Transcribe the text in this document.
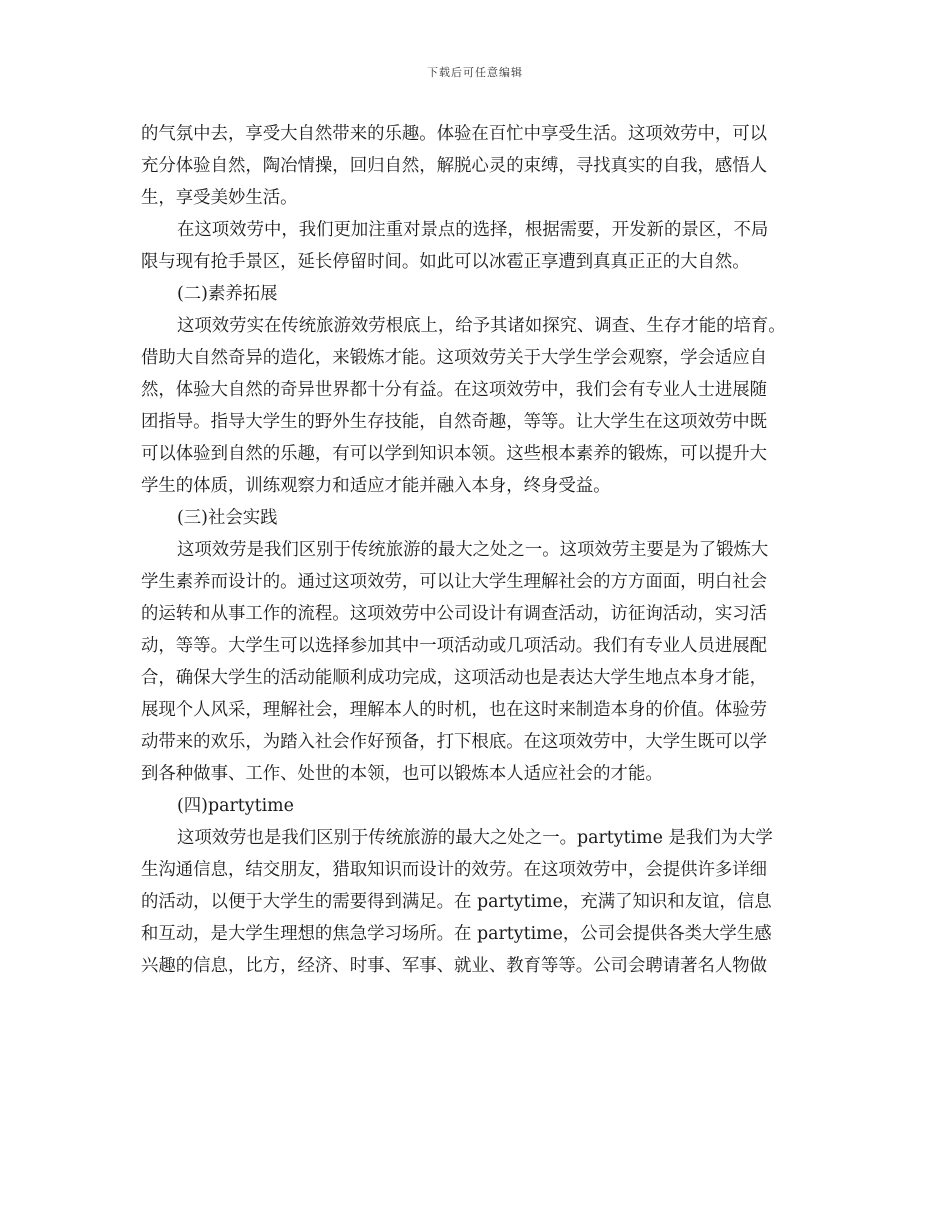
下载后可任意编辑
的气氛中去，享受大自然带来的乐趣。体验在百忙中享受生活。这项效劳中，可以
充分体验自然，陶冶情操，回归自然，解脱心灵的束缚，寻找真实的自我，感悟人
生，享受美妙生活。
在这项效劳中，我们更加注重对景点的选择，根据需要，开发新的景区，不局
限与现有抢手景区，延长停留时间。如此可以冰雹正享遭到真真正正的大自然。
(二)素养拓展
这项效劳实在传统旅游效劳根底上，给予其诸如探究、调查、生存才能的培育。
借助大自然奇异的造化，来锻炼才能。这项效劳关于大学生学会观察，学会适应自
然，体验大自然的奇异世界都十分有益。在这项效劳中，我们会有专业人士进展随
团指导。指导大学生的野外生存技能，自然奇趣，等等。让大学生在这项效劳中既
可以体验到自然的乐趣，有可以学到知识本领。这些根本素养的锻炼，可以提升大
学生的体质，训练观察力和适应才能并融入本身，终身受益。
(三)社会实践
这项效劳是我们区别于传统旅游的最大之处之一。这项效劳主要是为了锻炼大
学生素养而设计的。通过这项效劳，可以让大学生理解社会的方方面面，明白社会
的运转和从事工作的流程。这项效劳中公司设计有调查活动，访征询活动，实习活
动，等等。大学生可以选择参加其中一项活动或几项活动。我们有专业人员进展配
合，确保大学生的活动能顺利成功完成，这项活动也是表达大学生地点本身才能，
展现个人风采，理解社会，理解本人的时机，也在这时来制造本身的价值。体验劳
动带来的欢乐，为踏入社会作好预备，打下根底。在这项效劳中，大学生既可以学
到各种做事、工作、处世的本领，也可以锻炼本人适应社会的才能。
(四)partytime
这项效劳也是我们区别于传统旅游的最大之处之一。partytime 是我们为大学
生沟通信息，结交朋友，猎取知识而设计的效劳。在这项效劳中，会提供许多详细
的活动，以便于大学生的需要得到满足。在 partytime，充满了知识和友谊，信息
和互动，是大学生理想的焦急学习场所。在 partytime，公司会提供各类大学生感
兴趣的信息，比方，经济、时事、军事、就业、教育等等。公司会聘请著名人物做
